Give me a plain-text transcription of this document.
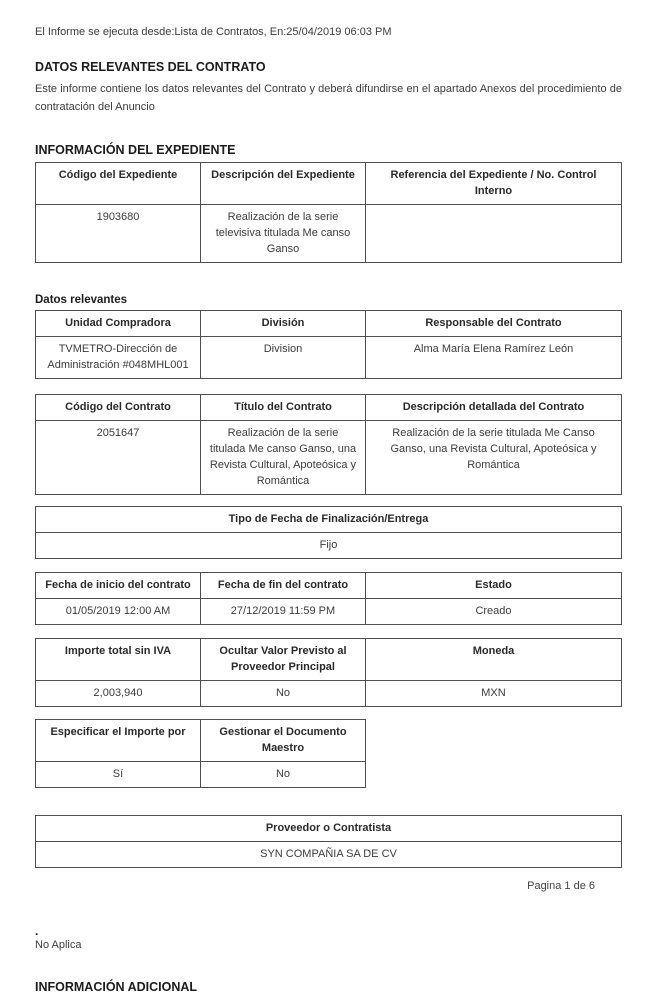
El Informe se ejecuta desde:Lista de Contratos, En:25/04/2019 06:03 PM
DATOS RELEVANTES DEL CONTRATO
Este informe contiene los datos relevantes del Contrato y deberá difundirse en el apartado Anexos del procedimiento de contratación del Anuncio
INFORMACIÓN DEL EXPEDIENTE
Código del Expediente	Descripción del Expediente	Referencia del Expediente / No. Control Interno
1903680	Realización de la serie televisiva titulada Me canso Ganso	
Datos relevantes
Unidad Compradora	División	Responsable del Contrato
TVMETRO-Dirección de Administración #048MHL001	Division	Alma María Elena Ramírez León
Código del Contrato	Título del Contrato	Descripción detallada del Contrato
2051647	Realización de la serie titulada Me canso Ganso, una Revista Cultural, Apoteósica y Romántica	Realización de la serie titulada Me Canso Ganso, una Revista Cultural, Apoteósica y Romántica
Tipo de Fecha de Finalización/Entrega
Fijo
Fecha de inicio del contrato	Fecha de fin del contrato	Estado
01/05/2019 12:00 AM	27/12/2019 11:59 PM	Creado
Importe total sin IVA	Ocultar Valor Previsto al Proveedor Principal	Moneda
2,003,940	No	MXN
Especificar el Importe por	Gestionar el Documento Maestro
Sí	No
Proveedor o Contratista
SYN COMPAÑIA SA DE CV
.
No Aplica
INFORMACIÓN ADICIONAL
Pagina 1 de 6
